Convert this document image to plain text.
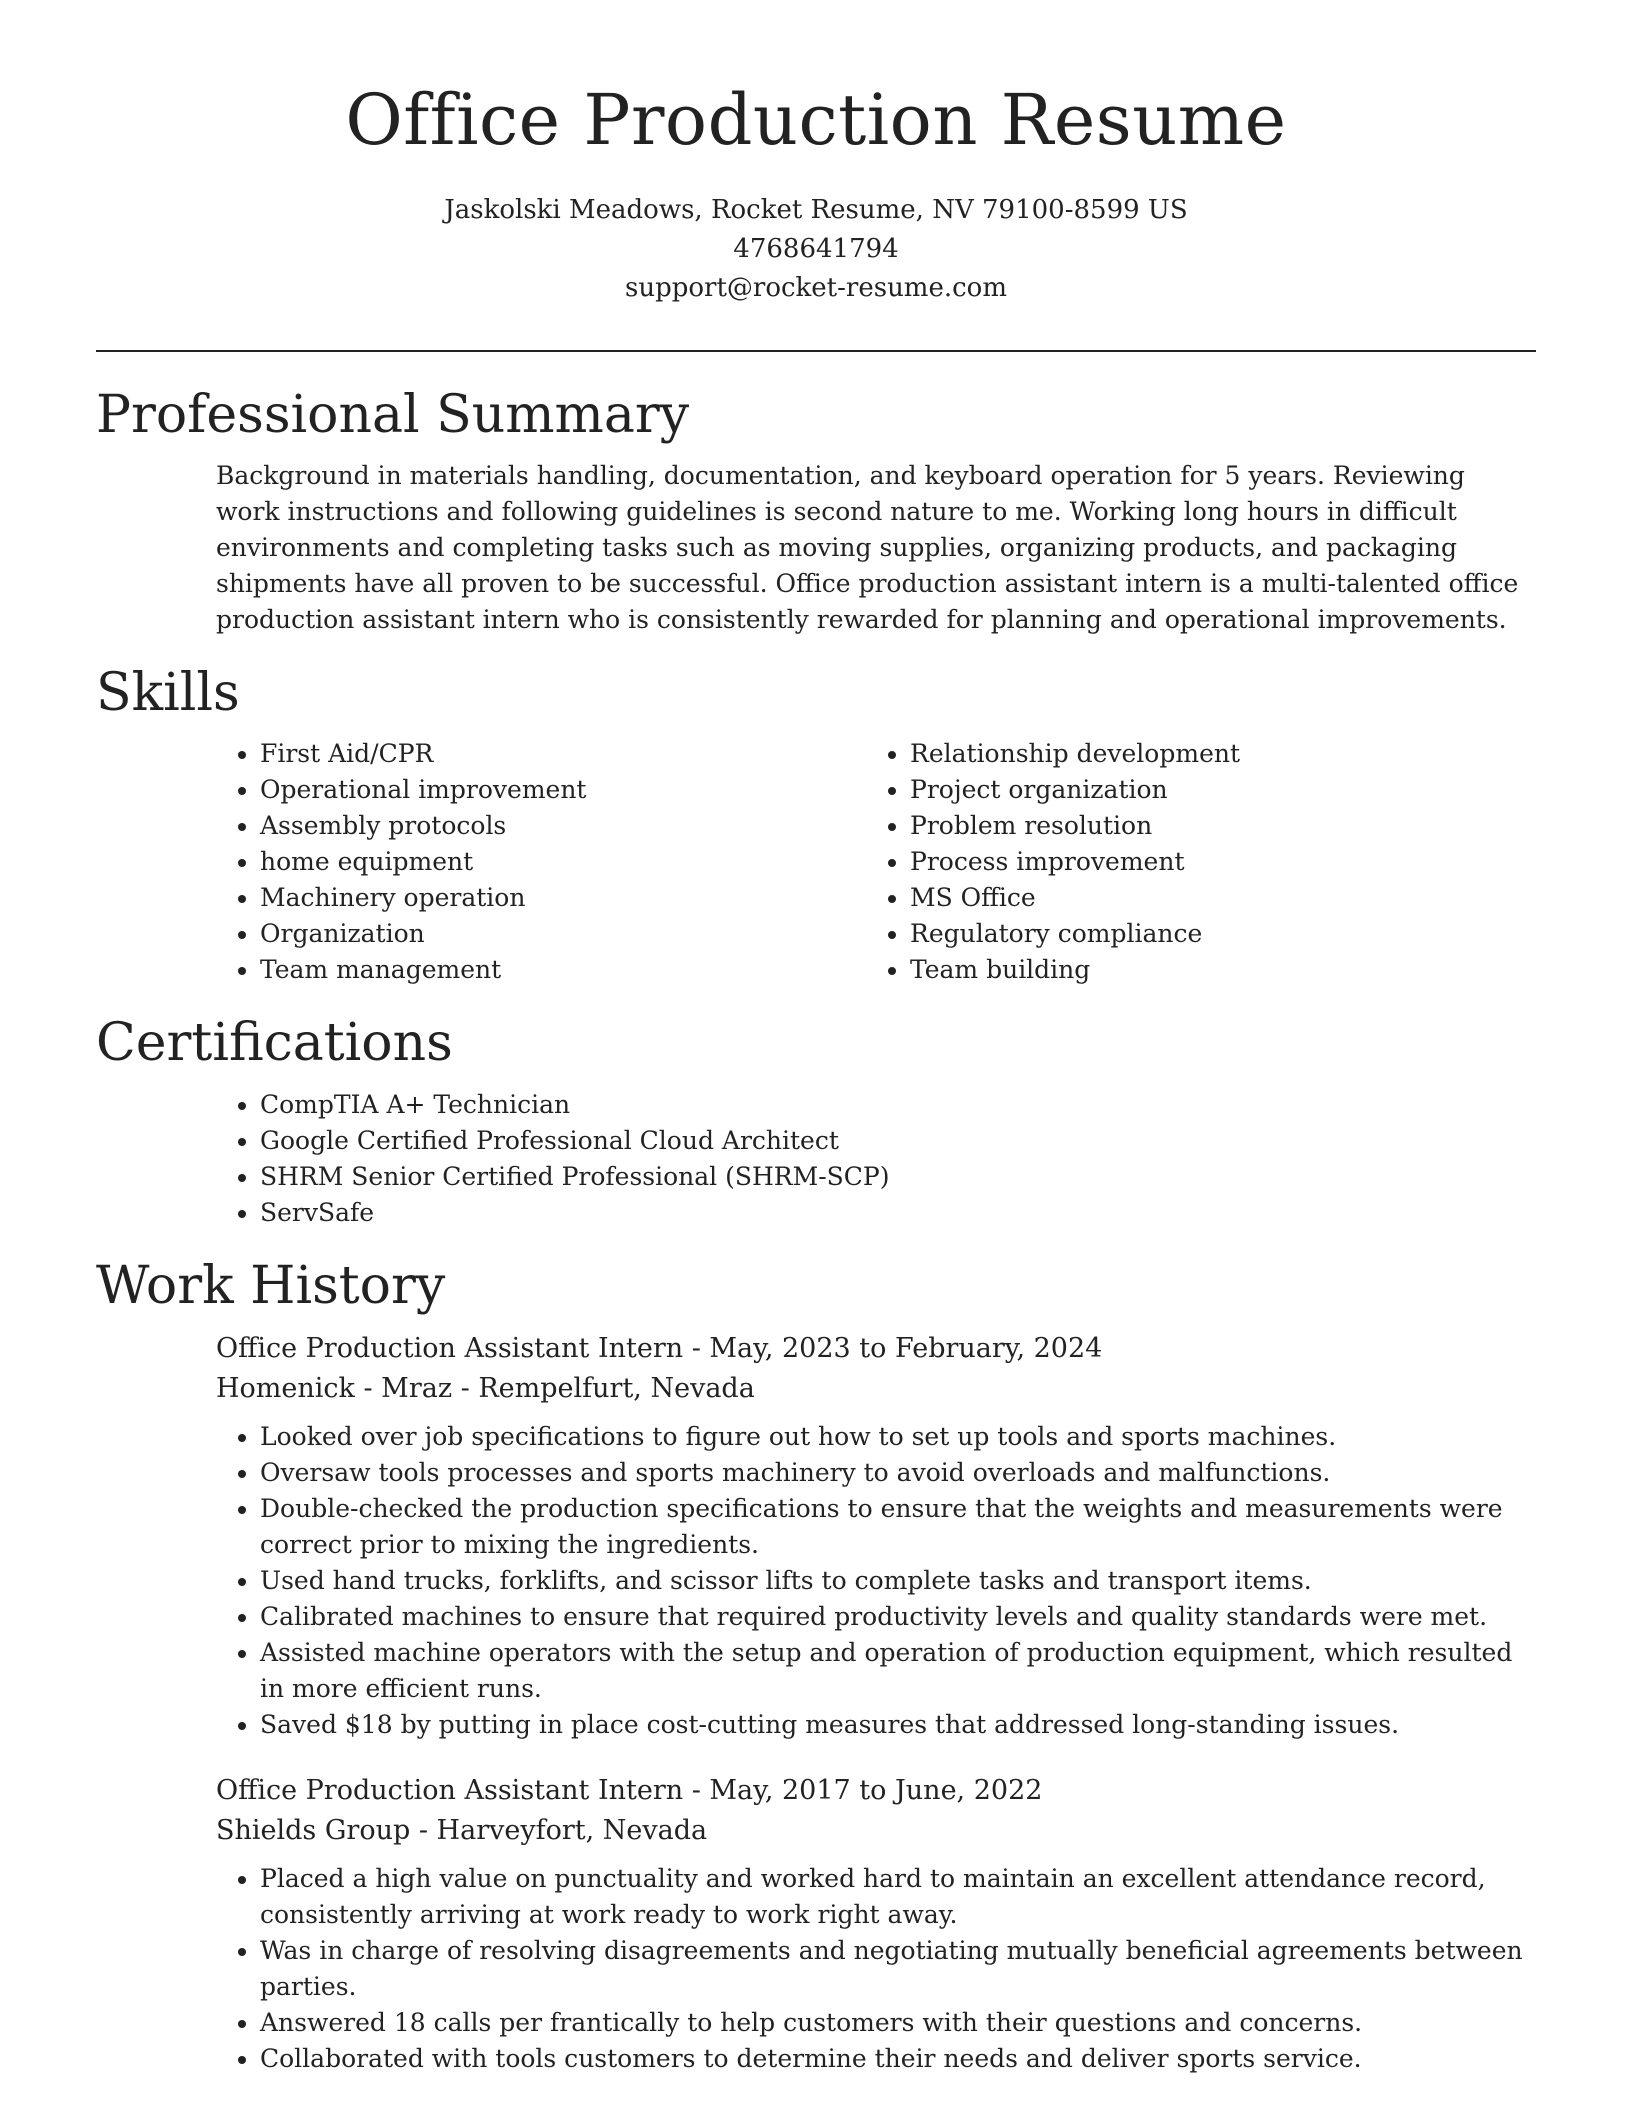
Office Production Resume
Jaskolski Meadows, Rocket Resume, NV 79100-8599 US
4768641794
support@rocket-resume.com
Professional Summary

Background in materials handling, documentation, and keyboard operation for 5 years. Reviewing work instructions and following guidelines is second nature to me. Working long hours in difficult environments and completing tasks such as moving supplies, organizing products, and packaging shipments have all proven to be successful. Office production assistant intern is a multi-talented office production assistant intern who is consistently rewarded for planning and operational improvements.

Skills
• First Aid/CPR
• Operational improvement
• Assembly protocols
• home equipment
• Machinery operation
• Organization
• Team management
• Relationship development
• Project organization
• Problem resolution
• Process improvement
• MS Office
• Regulatory compliance
• Team building
Certifications
• CompTIA A+ Technician
• Google Certified Professional Cloud Architect
• SHRM Senior Certified Professional (SHRM-SCP)
• ServSafe
Work History
Office Production Assistant Intern - May, 2023 to February, 2024
Homenick - Mraz - Rempelfurt, Nevada
• Looked over job specifications to figure out how to set up tools and sports machines.
• Oversaw tools processes and sports machinery to avoid overloads and malfunctions.
• Double-checked the production specifications to ensure that the weights and measurements were correct prior to mixing the ingredients.
• Used hand trucks, forklifts, and scissor lifts to complete tasks and transport items.
• Calibrated machines to ensure that required productivity levels and quality standards were met.
• Assisted machine operators with the setup and operation of production equipment, which resulted in more efficient runs.
• Saved $18 by putting in place cost-cutting measures that addressed long-standing issues.
Office Production Assistant Intern - May, 2017 to June, 2022
Shields Group - Harveyfort, Nevada
• Placed a high value on punctuality and worked hard to maintain an excellent attendance record, consistently arriving at work ready to work right away.
• Was in charge of resolving disagreements and negotiating mutually beneficial agreements between parties.
• Answered 18 calls per frantically to help customers with their questions and concerns.
• Collaborated with tools customers to determine their needs and deliver sports service.
